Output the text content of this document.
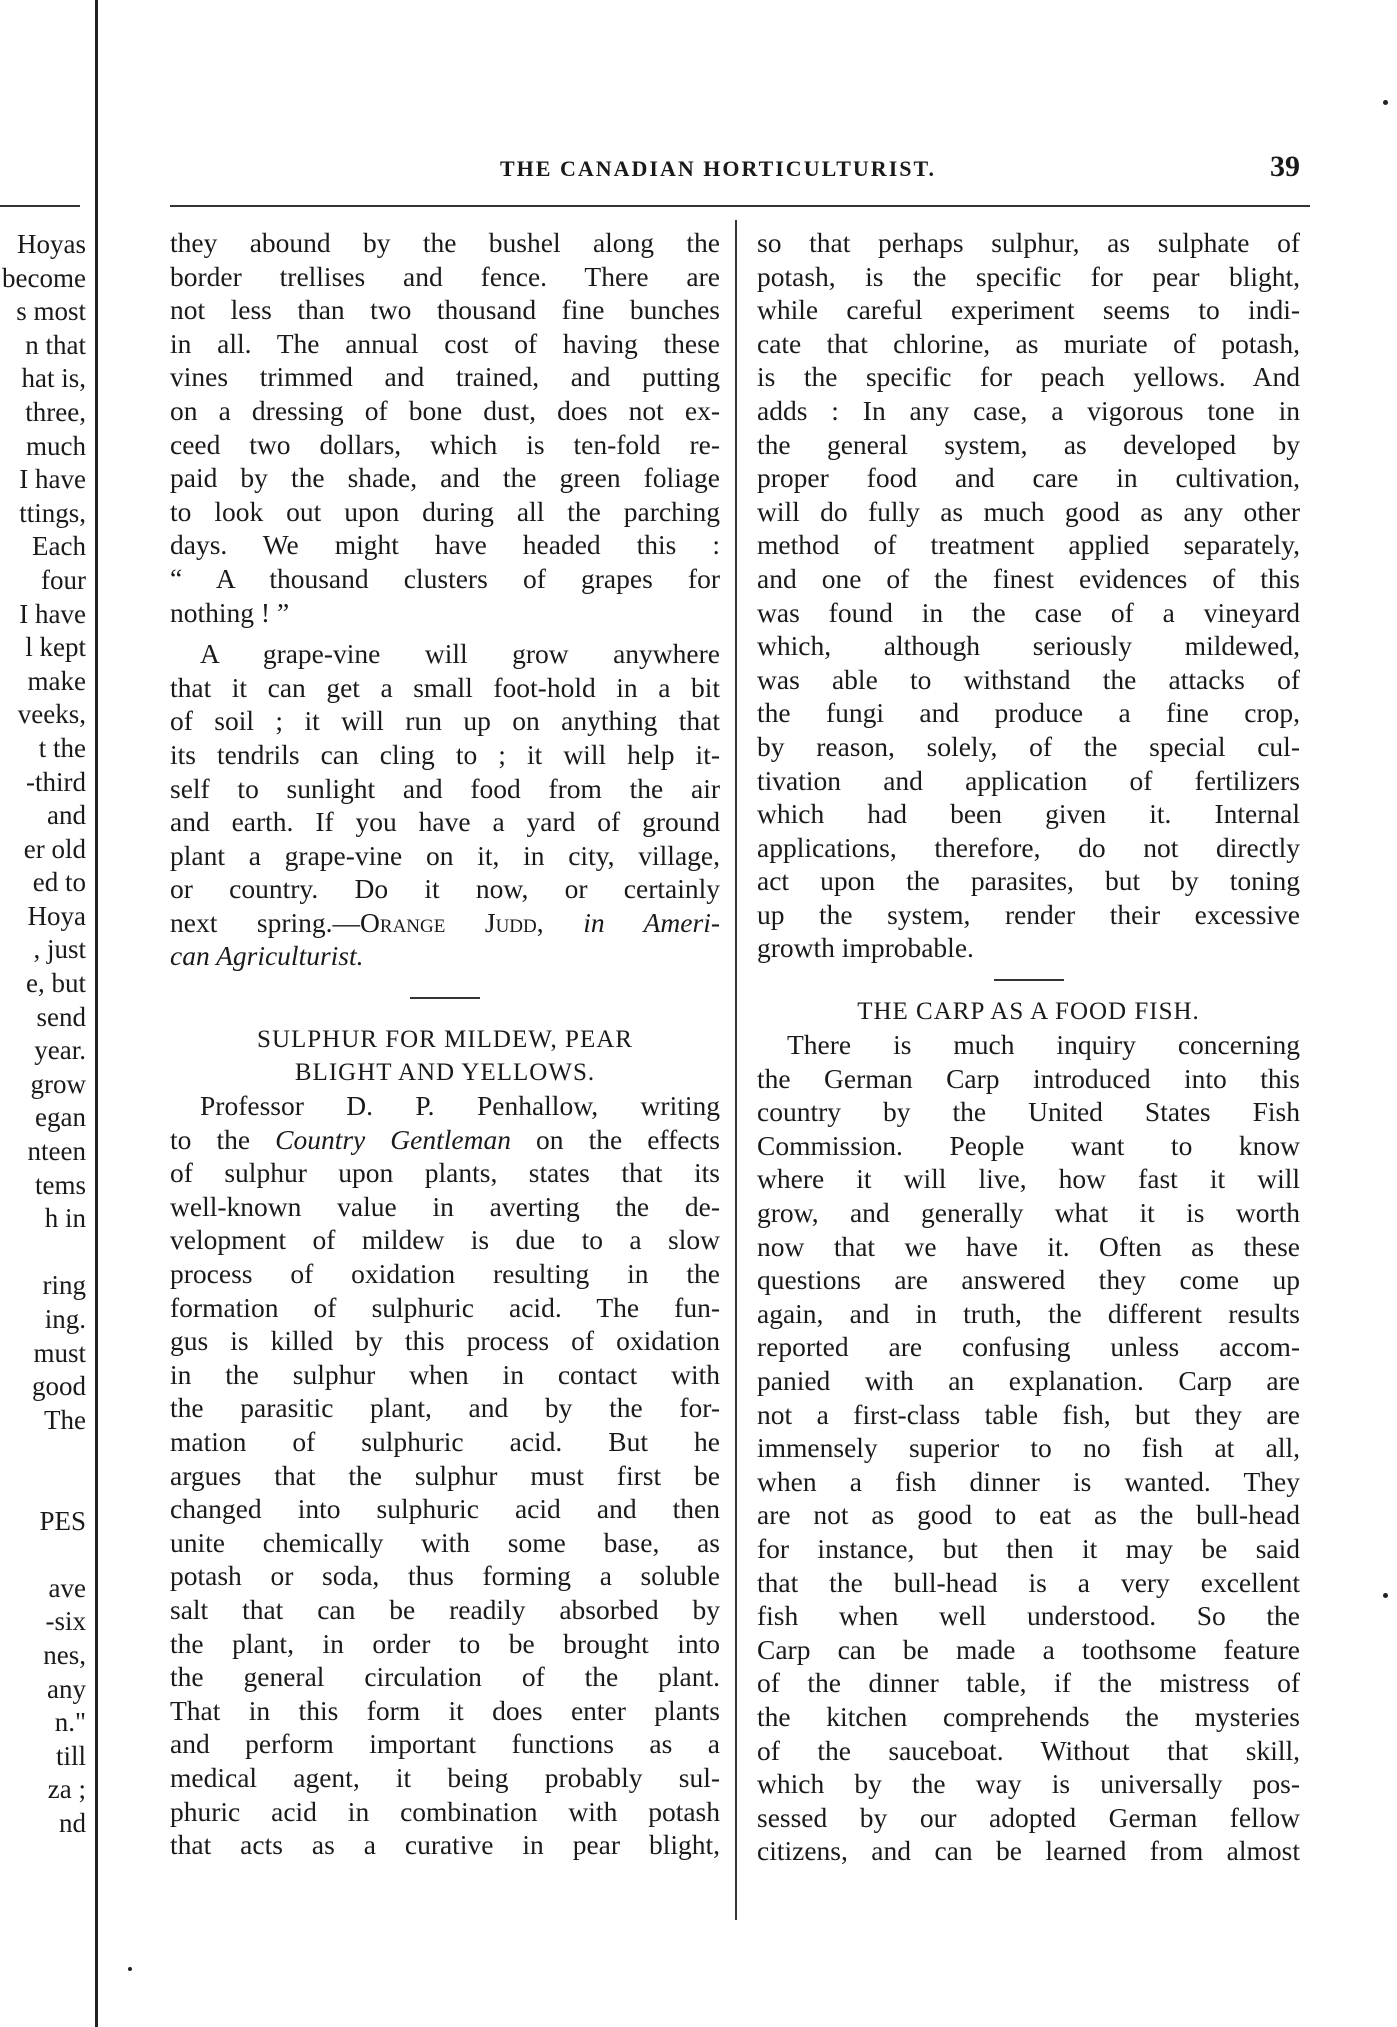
THE CANADIAN HORTICULTURIST.	39
Hoyas
become
s most
n that
hat is,
three,
much
I have
ttings,
Each
four
I have
l kept
make
veeks,
t the
-third
and
er old
ed to
Hoya
, just
e, but
send
year.
grow
egan
nteen
tems
h in
ring
ing.
must
good
The
PES
ave
-six
nes,
any
n."
till
za ;
nd
they abound by the bushel along the
border trellises and fence. There are
not less than two thousand fine bunches
in all. The annual cost of having these
vines trimmed and trained, and putting
on a dressing of bone dust, does not ex-
ceed two dollars, which is ten-fold re-
paid by the shade, and the green foliage
to look out upon during all the parching
days. We might have headed this :
“ A thousand clusters of grapes for
nothing ! ”
A grape-vine will grow anywhere
that it can get a small foot-hold in a bit
of soil ; it will run up on anything that
its tendrils can cling to ; it will help it-
self to sunlight and food from the air
and earth. If you have a yard of ground
plant a grape-vine on it, in city, village,
or country. Do it now, or certainly
next spring.—Orange Judd, in Ameri-
can Agriculturist.
SULPHUR FOR MILDEW, PEAR
BLIGHT AND YELLOWS.
Professor D. P. Penhallow, writing
to the Country Gentleman on the effects
of sulphur upon plants, states that its
well-known value in averting the de-
velopment of mildew is due to a slow
process of oxidation resulting in the
formation of sulphuric acid. The fun-
gus is killed by this process of oxidation
in the sulphur when in contact with
the parasitic plant, and by the for-
mation of sulphuric acid. But he
argues that the sulphur must first be
changed into sulphuric acid and then
unite chemically with some base, as
potash or soda, thus forming a soluble
salt that can be readily absorbed by
the plant, in order to be brought into
the general circulation of the plant.
That in this form it does enter plants
and perform important functions as a
medical agent, it being probably sul-
phuric acid in combination with potash
that acts as a curative in pear blight,
so that perhaps sulphur, as sulphate of
potash, is the specific for pear blight,
while careful experiment seems to indi-
cate that chlorine, as muriate of potash,
is the specific for peach yellows. And
adds : In any case, a vigorous tone in
the general system, as developed by
proper food and care in cultivation,
will do fully as much good as any other
method of treatment applied separately,
and one of the finest evidences of this
was found in the case of a vineyard
which, although seriously mildewed,
was able to withstand the attacks of
the fungi and produce a fine crop,
by reason, solely, of the special cul-
tivation and application of fertilizers
which had been given it. Internal
applications, therefore, do not directly
act upon the parasites, but by toning
up the system, render their excessive
growth improbable.
THE CARP AS A FOOD FISH.
There is much inquiry concerning
the German Carp introduced into this
country by the United States Fish
Commission. People want to know
where it will live, how fast it will
grow, and generally what it is worth
now that we have it. Often as these
questions are answered they come up
again, and in truth, the different results
reported are confusing unless accom-
panied with an explanation. Carp are
not a first-class table fish, but they are
immensely superior to no fish at all,
when a fish dinner is wanted. They
are not as good to eat as the bull-head
for instance, but then it may be said
that the bull-head is a very excellent
fish when well understood. So the
Carp can be made a toothsome feature
of the dinner table, if the mistress of
the kitchen comprehends the mysteries
of the sauceboat. Without that skill,
which by the way is universally pos-
sessed by our adopted German fellow
citizens, and can be learned from almost
